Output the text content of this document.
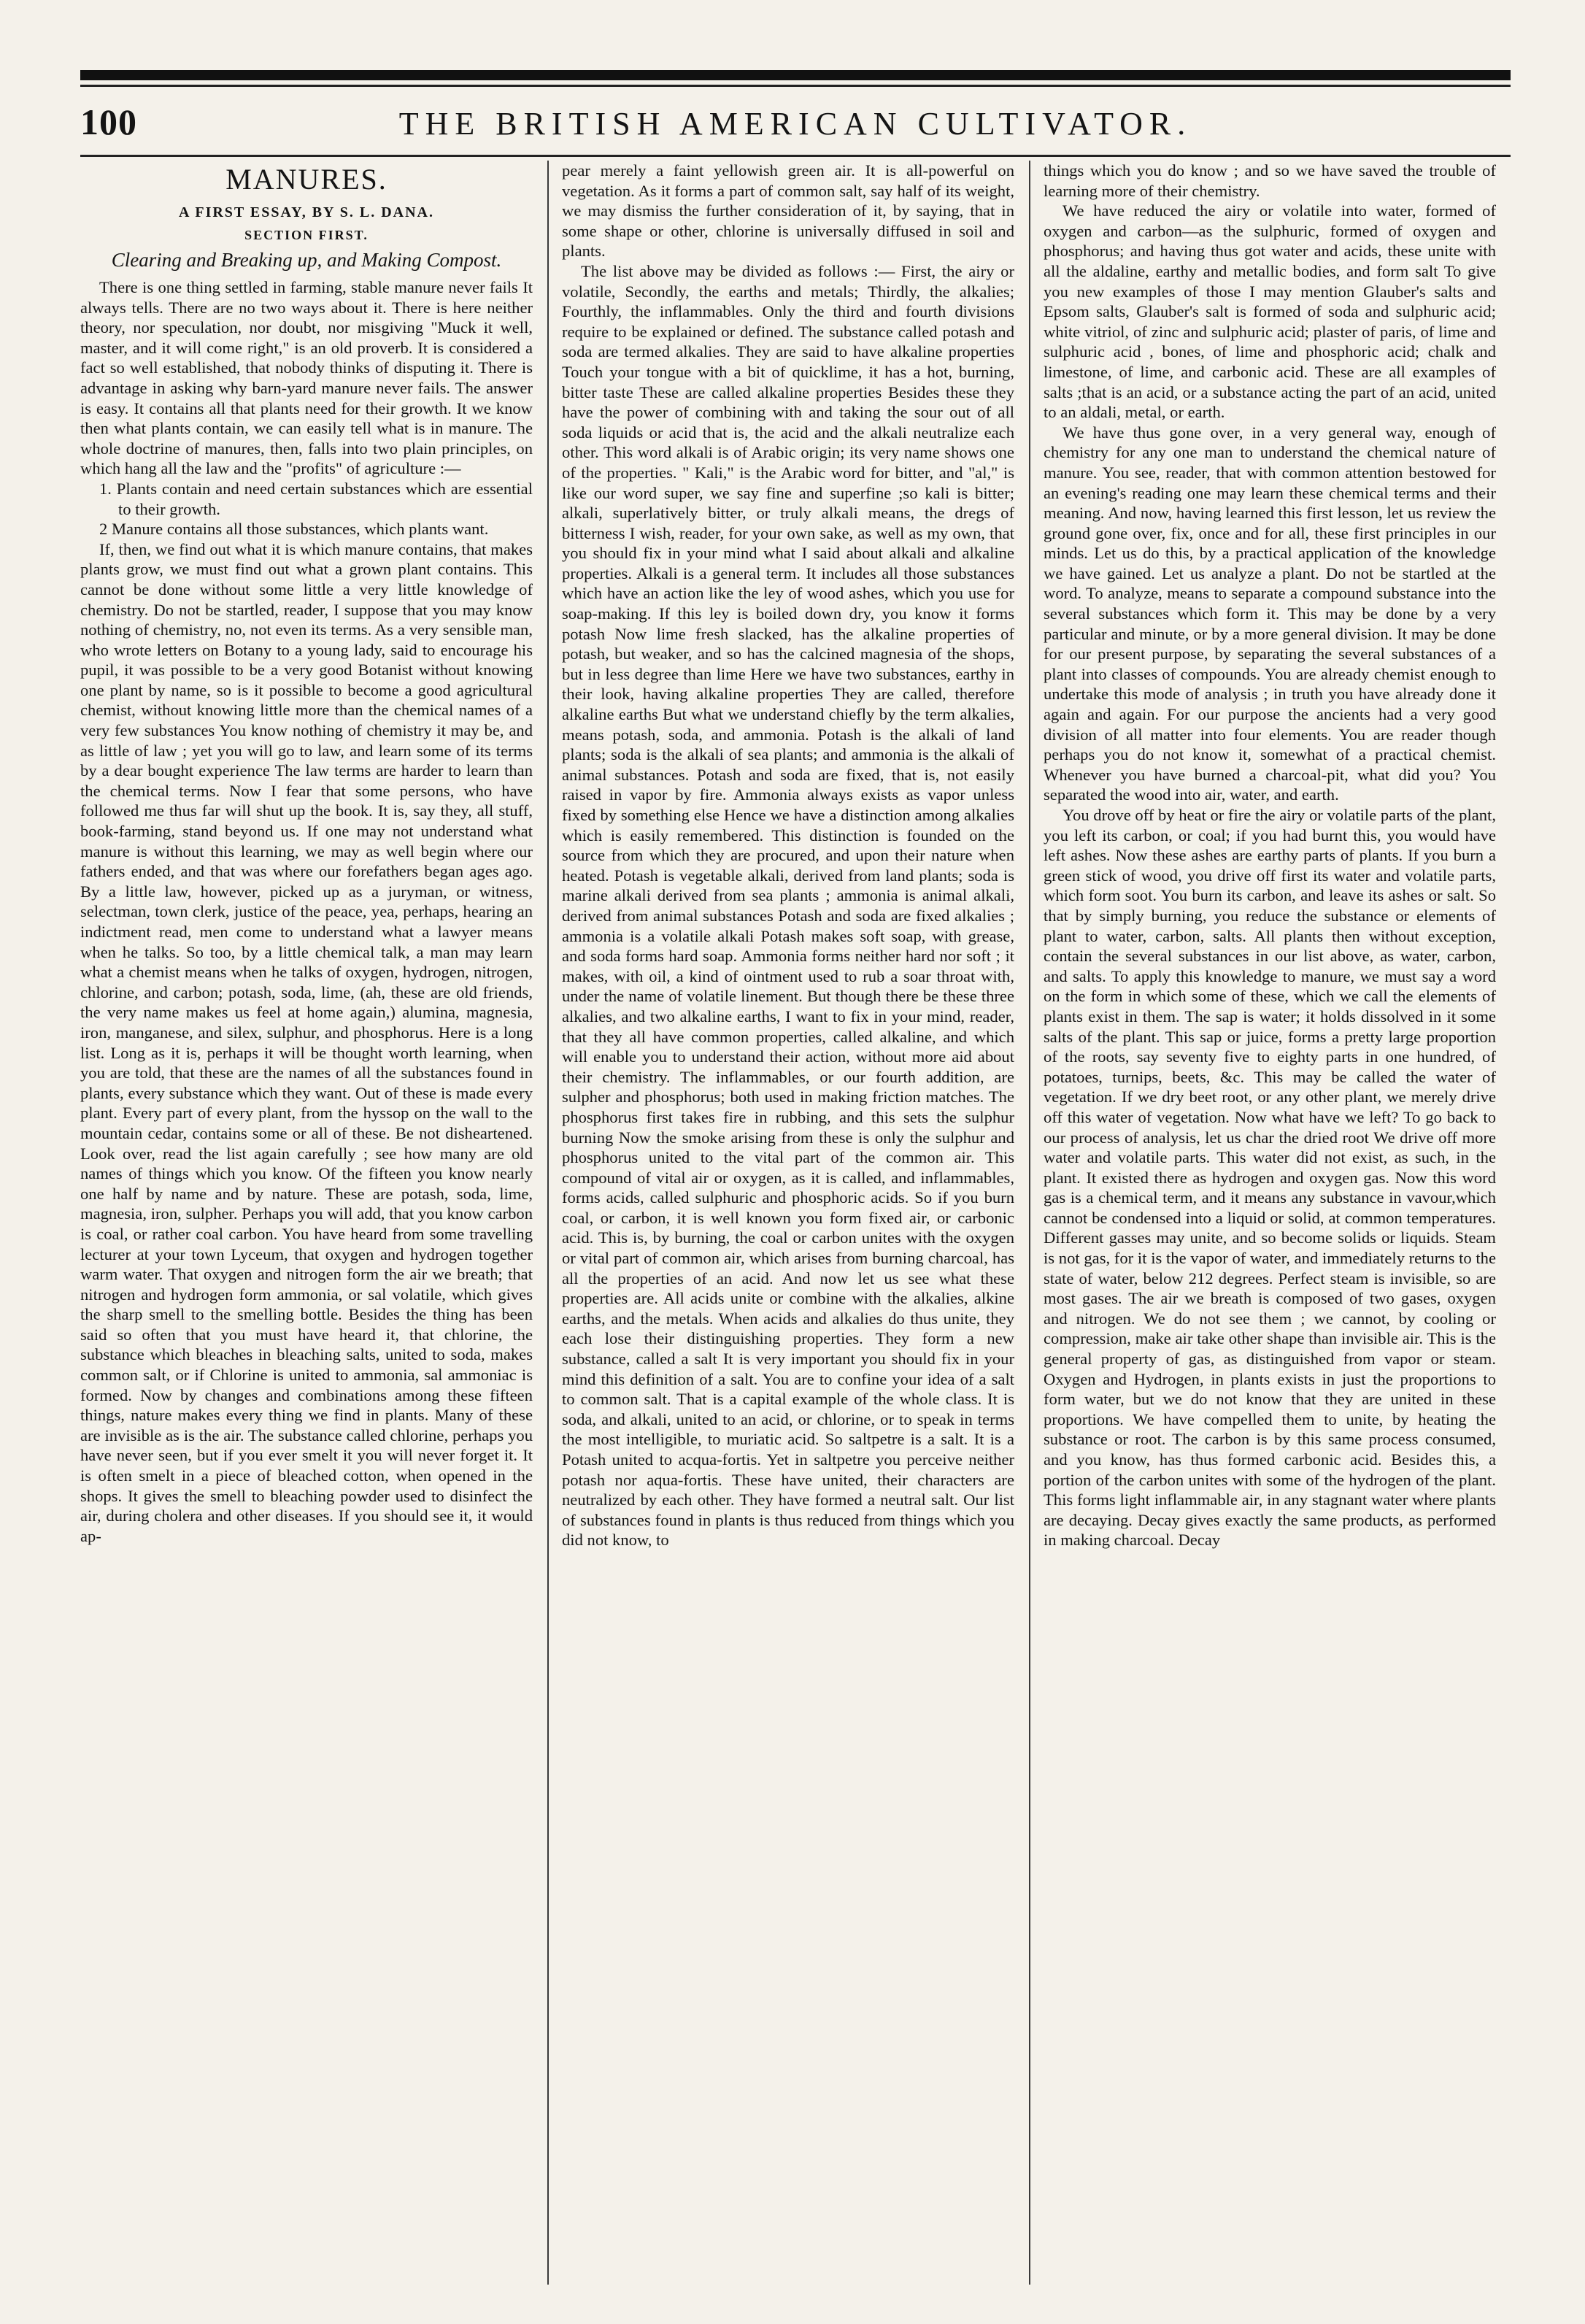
100	THE BRITISH AMERICAN CULTIVATOR.
MANURES.
A FIRST ESSAY, BY S. L. DANA.
SECTION FIRST.
Clearing and Breaking up, and Making Compost.

There is one thing settled in farming, stable manure never fails It always tells. There are no two ways about it. There is here neither theory, nor speculation, nor doubt, nor misgiving "Muck it well, master, and it will come right," is an old proverb. It is considered a fact so well established, that nobody thinks of disputing it. There is advantage in asking why barn-yard manure never fails. The answer is easy. It contains all that plants need for their growth. It we know then what plants contain, we can easily tell what is in manure. The whole doctrine of manures, then, falls into two plain principles, on which hang all the law and the "profits" of agriculture :—

1. Plants contain and need certain substances which are essential to their growth.

2 Manure contains all those substances, which plants want.

If, then, we find out what it is which manure contains, that makes plants grow, we must find out what a grown plant contains. This cannot be done without some little a very little knowledge of chemistry. Do not be startled, reader, I suppose that you may know nothing of chemistry, no, not even its terms. As a very sensible man, who wrote letters on Botany to a young lady, said to encourage his pupil, it was possible to be a very good Botanist without knowing one plant by name, so is it possible to become a good agricultural chemist, without knowing little more than the chemical names of a very few substances You know nothing of chemistry it may be, and as little of law ; yet you will go to law, and learn some of its terms by a dear bought experience The law terms are harder to learn than the chemical terms. Now I fear that some persons, who have followed me thus far will shut up the book. It is, say they, all stuff, book-farming, stand beyond us. If one may not understand what manure is without this learning, we may as well begin where our fathers ended, and that was where our forefathers began ages ago. By a little law, however, picked up as a juryman, or witness, selectman, town clerk, justice of the peace, yea, perhaps, hearing an indictment read, men come to understand what a lawyer means when he talks. So too, by a little chemical talk, a man may learn what a chemist means when he talks of oxygen, hydrogen, nitrogen, chlorine, and carbon; potash, soda, lime, (ah, these are old friends, the very name makes us feel at home again,) alumina, magnesia, iron, manganese, and silex, sulphur, and phosphorus. Here is a long list. Long as it is, perhaps it will be thought worth learning, when you are told, that these are the names of all the substances found in plants, every substance which they want. Out of these is made every plant. Every part of every plant, from the hyssop on the wall to the mountain cedar, contains some or all of these. Be not disheartened. Look over, read the list again carefully ; see how many are old names of things which you know. Of the fifteen you know nearly one half by name and by nature. These are potash, soda, lime, magnesia, iron, sulpher. Perhaps you will add, that you know carbon is coal, or rather coal carbon. You have heard from some travelling lecturer at your town Lyceum, that oxygen and hydrogen together warm water. That oxygen and nitrogen form the air we breath; that nitrogen and hydrogen form ammonia, or sal volatile, which gives the sharp smell to the smelling bottle. Besides the thing has been said so often that you must have heard it, that chlorine, the substance which bleaches in bleaching salts, united to soda, makes common salt, or if Chlorine is united to ammonia, sal ammoniac is formed. Now by changes and combinations among these fifteen things, nature makes every thing we find in plants. Many of these are invisible as is the air. The substance called chlorine, perhaps you have never seen, but if you ever smelt it you will never forget it. It is often smelt in a piece of bleached cotton, when opened in the shops. It gives the smell to bleaching powder used to disinfect the air, during cholera and other diseases. If you should see it, it would ap-

pear merely a faint yellowish green air. It is all-powerful on vegetation. As it forms a part of common salt, say half of its weight, we may dismiss the further consideration of it, by saying, that in some shape or other, chlorine is universally diffused in soil and plants.

The list above may be divided as follows :— First, the airy or volatile, Secondly, the earths and metals; Thirdly, the alkalies; Fourthly, the inflammables. Only the third and fourth divisions require to be explained or defined. The substance called potash and soda are termed alkalies. They are said to have alkaline properties Touch your tongue with a bit of quicklime, it has a hot, burning, bitter taste These are called alkaline properties Besides these they have the power of combining with and taking the sour out of all soda liquids or acid that is, the acid and the alkali neutralize each other. This word alkali is of Arabic origin; its very name shows one of the properties. " Kali," is the Arabic word for bitter, and "al," is like our word super, we say fine and superfine ;so kali is bitter; alkali, superlatively bitter, or truly alkali means, the dregs of bitterness I wish, reader, for your own sake, as well as my own, that you should fix in your mind what I said about alkali and alkaline properties. Alkali is a general term. It includes all those substances which have an action like the ley of wood ashes, which you use for soap-making. If this ley is boiled down dry, you know it forms potash Now lime fresh slacked, has the alkaline properties of potash, but weaker, and so has the calcined magnesia of the shops, but in less degree than lime Here we have two substances, earthy in their look, having alkaline properties They are called, therefore alkaline earths But what we understand chiefly by the term alkalies, means potash, soda, and ammonia. Potash is the alkali of land plants; soda is the alkali of sea plants; and ammonia is the alkali of animal substances. Potash and soda are fixed, that is, not easily raised in vapor by fire. Ammonia always exists as vapor unless fixed by something else Hence we have a distinction among alkalies which is easily remembered. This distinction is founded on the source from which they are procured, and upon their nature when heated. Potash is vegetable alkali, derived from land plants; soda is marine alkali derived from sea plants ; ammonia is animal alkali, derived from animal substances Potash and soda are fixed alkalies ; ammonia is a volatile alkali Potash makes soft soap, with grease, and soda forms hard soap. Ammonia forms neither hard nor soft ; it makes, with oil, a kind of ointment used to rub a soar throat with, under the name of volatile linement. But though there be these three alkalies, and two alkaline earths, I want to fix in your mind, reader, that they all have common properties, called alkaline, and which will enable you to understand their action, without more aid about their chemistry. The inflammables, or our fourth addition, are sulpher and phosphorus; both used in making friction matches. The phosphorus first takes fire in rubbing, and this sets the sulphur burning Now the smoke arising from these is only the sulphur and phosphorus united to the vital part of the common air. This compound of vital air or oxygen, as it is called, and inflammables, forms acids, called sulphuric and phosphoric acids. So if you burn coal, or carbon, it is well known you form fixed air, or carbonic acid. This is, by burning, the coal or carbon unites with the oxygen or vital part of common air, which arises from burning charcoal, has all the properties of an acid. And now let us see what these properties are. All acids unite or combine with the alkalies, alkine earths, and the metals. When acids and alkalies do thus unite, they each lose their distinguishing properties. They form a new substance, called a salt It is very important you should fix in your mind this definition of a salt. You are to confine your idea of a salt to common salt. That is a capital example of the whole class. It is soda, and alkali, united to an acid, or chlorine, or to speak in terms the most intelligible, to muriatic acid. So saltpetre is a salt. It is a Potash united to acqua-fortis. Yet in saltpetre you perceive neither potash nor aqua-fortis. These have united, their characters are neutralized by each other. They have formed a neutral salt. Our list of substances found in plants is thus reduced from things which you did not know, to

things which you do know ; and so we have saved the trouble of learning more of their chemistry.

We have reduced the airy or volatile into water, formed of oxygen and carbon—as the sulphuric, formed of oxygen and phosphorus; and having thus got water and acids, these unite with all the aldaline, earthy and metallic bodies, and form salt To give you new examples of those I may mention Glauber's salts and Epsom salts, Glauber's salt is formed of soda and sulphuric acid; white vitriol, of zinc and sulphuric acid; plaster of paris, of lime and sulphuric acid , bones, of lime and phosphoric acid; chalk and limestone, of lime, and carbonic acid. These are all examples of salts ;that is an acid, or a substance acting the part of an acid, united to an aldali, metal, or earth.

We have thus gone over, in a very general way, enough of chemistry for any one man to understand the chemical nature of manure. You see, reader, that with common attention bestowed for an evening's reading one may learn these chemical terms and their meaning. And now, having learned this first lesson, let us review the ground gone over, fix, once and for all, these first principles in our minds. Let us do this, by a practical application of the knowledge we have gained. Let us analyze a plant. Do not be startled at the word. To analyze, means to separate a compound substance into the several substances which form it. This may be done by a very particular and minute, or by a more general division. It may be done for our present purpose, by separating the several substances of a plant into classes of compounds. You are already chemist enough to undertake this mode of analysis ; in truth you have already done it again and again. For our purpose the ancients had a very good division of all matter into four elements. You are reader though perhaps you do not know it, somewhat of a practical chemist. Whenever you have burned a charcoal-pit, what did you? You separated the wood into air, water, and earth.

You drove off by heat or fire the airy or volatile parts of the plant, you left its carbon, or coal; if you had burnt this, you would have left ashes. Now these ashes are earthy parts of plants. If you burn a green stick of wood, you drive off first its water and volatile parts, which form soot. You burn its carbon, and leave its ashes or salt. So that by simply burning, you reduce the substance or elements of plant to water, carbon, salts. All plants then without exception, contain the several substances in our list above, as water, carbon, and salts. To apply this knowledge to manure, we must say a word on the form in which some of these, which we call the elements of plants exist in them. The sap is water; it holds dissolved in it some salts of the plant. This sap or juice, forms a pretty large proportion of the roots, say seventy five to eighty parts in one hundred, of potatoes, turnips, beets, &c. This may be called the water of vegetation. If we dry beet root, or any other plant, we merely drive off this water of vegetation. Now what have we left? To go back to our process of analysis, let us char the dried root We drive off more water and volatile parts. This water did not exist, as such, in the plant. It existed there as hydrogen and oxygen gas. Now this word gas is a chemical term, and it means any substance in vavour,which cannot be condensed into a liquid or solid, at common temperatures. Different gasses may unite, and so become solids or liquids. Steam is not gas, for it is the vapor of water, and immediately returns to the state of water, below 212 degrees. Perfect steam is invisible, so are most gases. The air we breath is composed of two gases, oxygen and nitrogen. We do not see them ; we cannot, by cooling or compression, make air take other shape than invisible air. This is the general property of gas, as distinguished from vapor or steam. Oxygen and Hydrogen, in plants exists in just the proportions to form water, but we do not know that they are united in these proportions. We have compelled them to unite, by heating the substance or root. The carbon is by this same process consumed, and you know, has thus formed carbonic acid. Besides this, a portion of the carbon unites with some of the hydrogen of the plant. This forms light inflammable air, in any stagnant water where plants are decaying. Decay gives exactly the same products, as performed in making charcoal. Decay
